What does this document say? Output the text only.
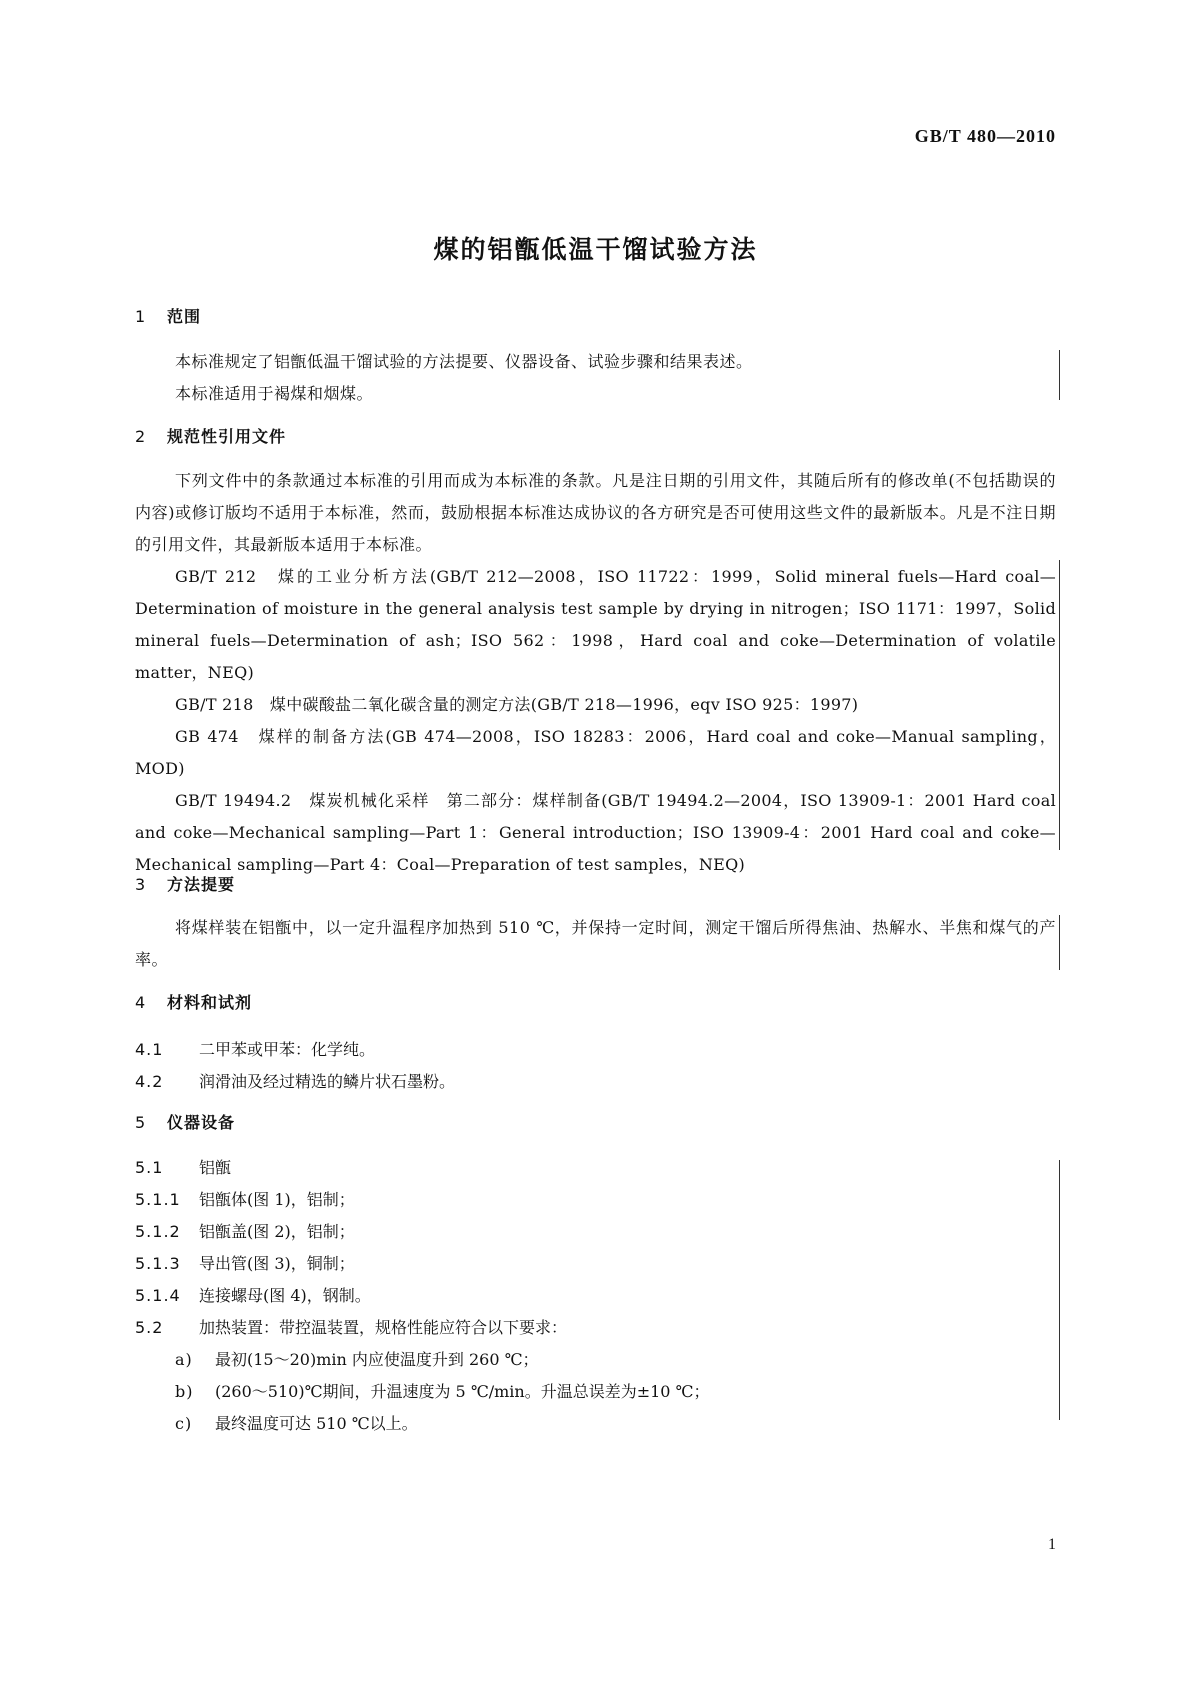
GB/T 480—2010
煤的铝甑低温干馏试验方法
1 范围
本标准规定了铝甑低温干馏试验的方法提要、仪器设备、试验步骤和结果表述。
本标准适用于褐煤和烟煤。
2 规范性引用文件
下列文件中的条款通过本标准的引用而成为本标准的条款。凡是注日期的引用文件，其随后所有的修改单(不包括勘误的内容)或修订版均不适用于本标准，然而，鼓励根据本标准达成协议的各方研究是否可使用这些文件的最新版本。凡是不注日期的引用文件，其最新版本适用于本标准。
GB/T 212　煤的工业分析方法(GB/T 212—2008，ISO 11722：1999，Solid mineral fuels—Hard coal—Determination of moisture in the general analysis test sample by drying in nitrogen；ISO 1171：1997，Solid mineral fuels—Determination of ash；ISO 562：1998，Hard coal and coke—Determination of volatile matter，NEQ)
GB/T 218　煤中碳酸盐二氧化碳含量的测定方法(GB/T 218—1996，eqv ISO 925：1997)
GB 474　煤样的制备方法(GB 474—2008，ISO 18283：2006，Hard coal and coke—Manual sampling，MOD)
GB/T 19494.2　煤炭机械化采样　第二部分：煤样制备(GB/T 19494.2—2004，ISO 13909-1：2001 Hard coal and coke—Mechanical sampling—Part 1：General introduction；ISO 13909-4：2001 Hard coal and coke—Mechanical sampling—Part 4：Coal—Preparation of test samples，NEQ)
3 方法提要
将煤样装在铝甑中，以一定升温程序加热到 510 ℃，并保持一定时间，测定干馏后所得焦油、热解水、半焦和煤气的产率。
4 材料和试剂
4.1 二甲苯或甲苯：化学纯。
4.2 润滑油及经过精选的鳞片状石墨粉。
5 仪器设备
5.1 铝甑
5.1.1 铝甑体(图 1)，铝制；
5.1.2 铝甑盖(图 2)，铝制；
5.1.3 导出管(图 3)，铜制；
5.1.4 连接螺母(图 4)，钢制。
5.2 加热装置：带控温装置，规格性能应符合以下要求：
a) 最初(15～20)min 内应使温度升到 260 ℃；
b) (260～510)℃期间，升温速度为 5 ℃/min。升温总误差为±10 ℃；
c) 最终温度可达 510 ℃以上。
1
